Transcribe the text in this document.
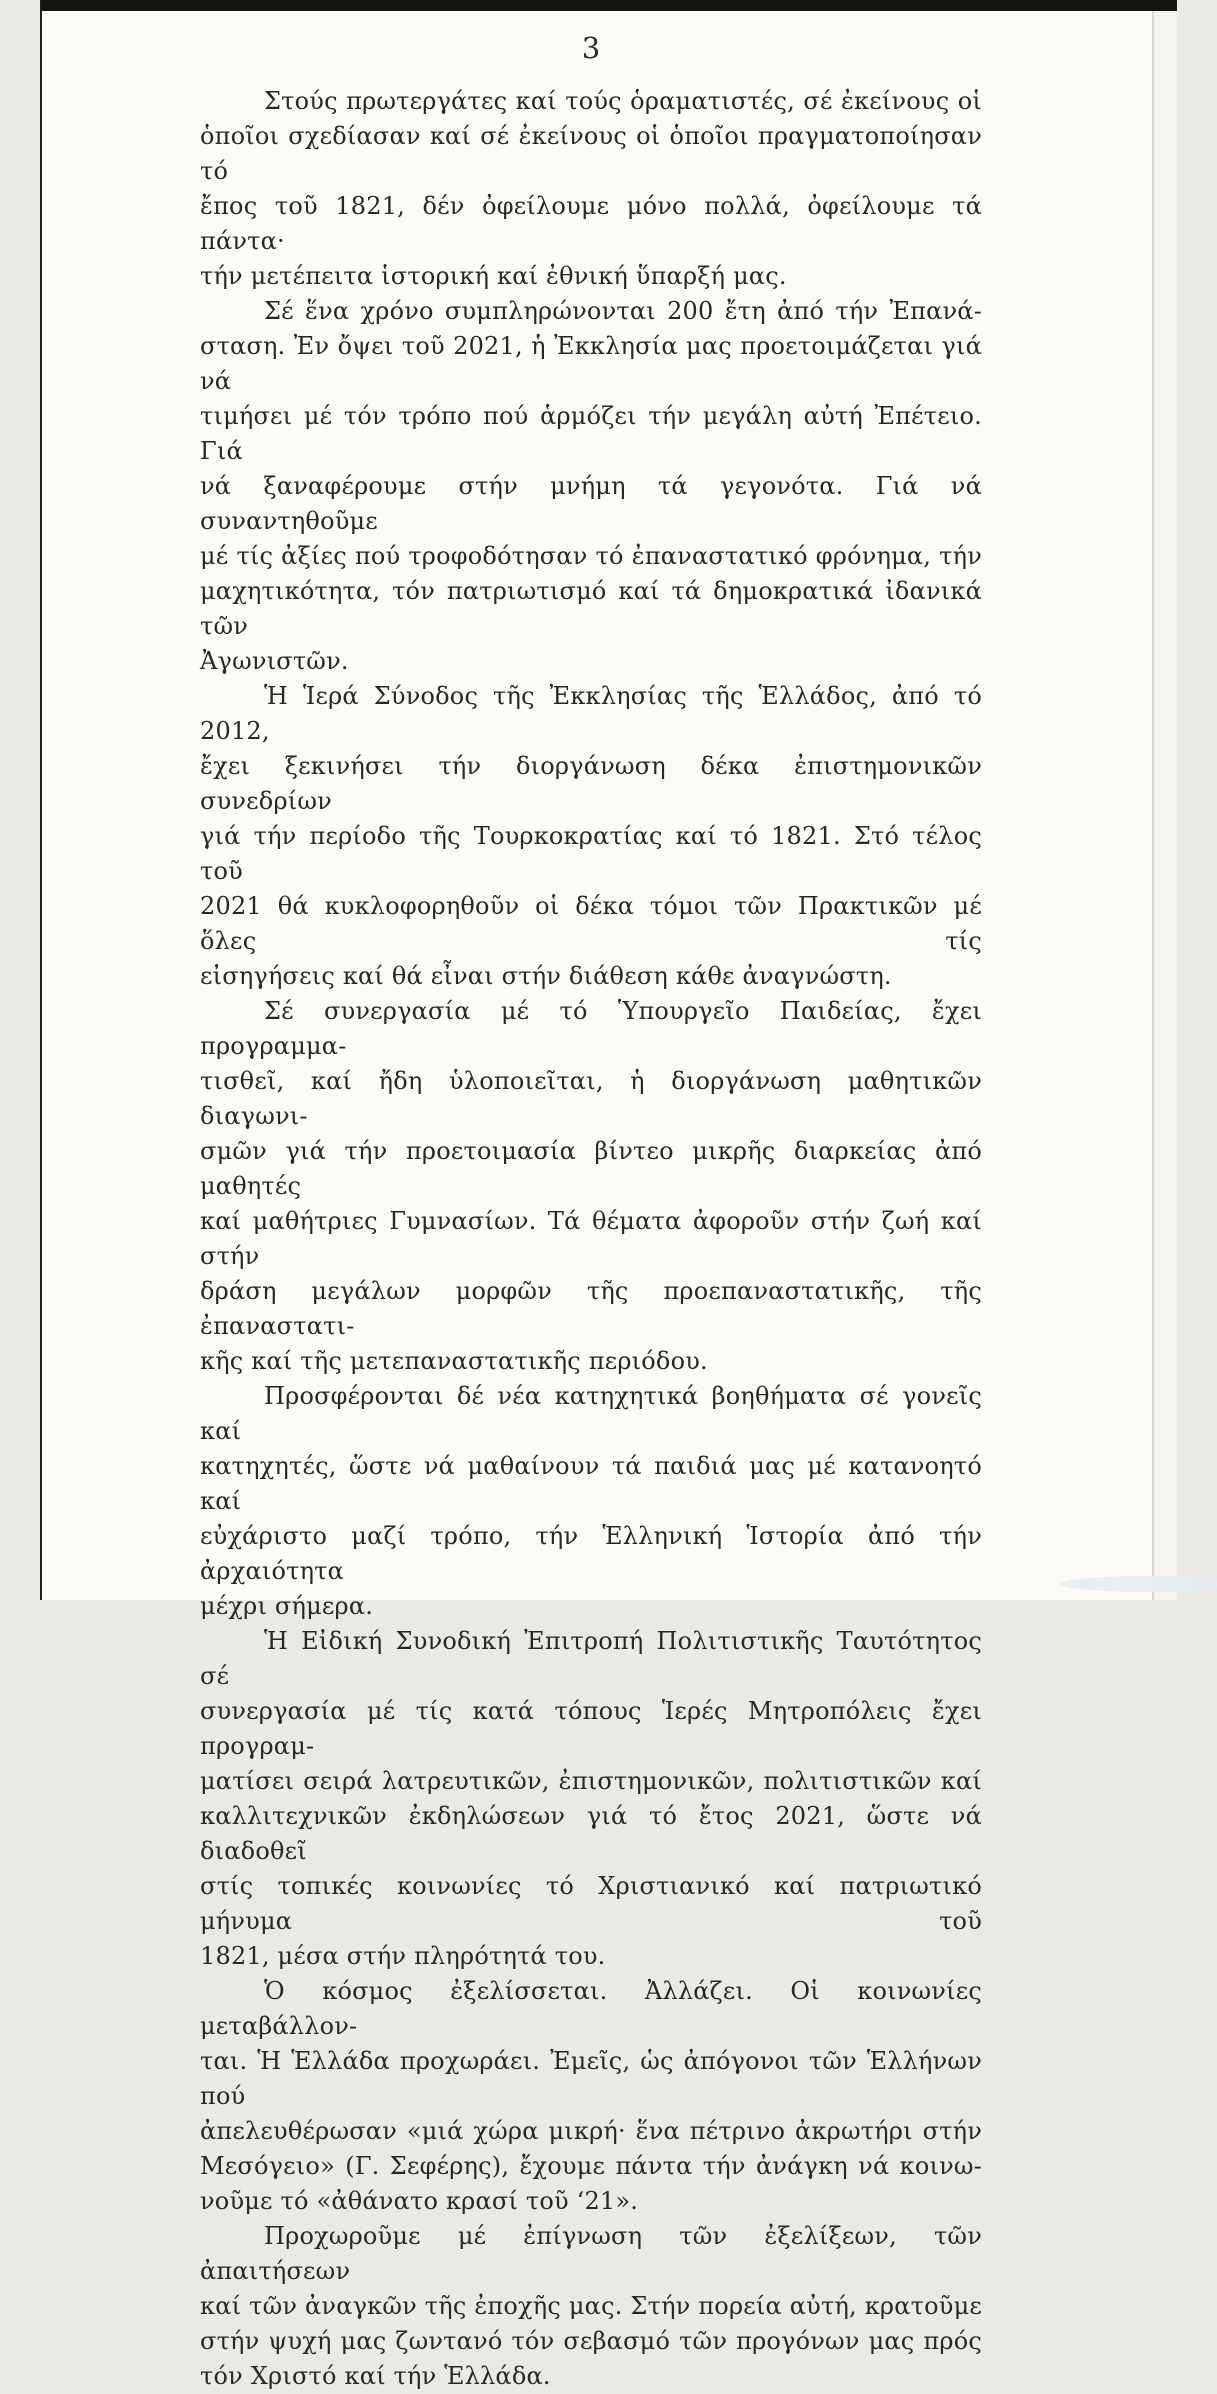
3
Στούς πρωτεργάτες καί τούς ὁραματιστές, σέ ἐκείνους οἱ
ὁποῖοι σχεδίασαν καί σέ ἐκείνους οἱ ὁποῖοι πραγματοποίησαν τό
ἔπος τοῦ 1821, δέν ὀφείλουμε μόνο πολλά, ὀφείλουμε τά πάντα·
τήν μετέπειτα ἱστορική καί ἐθνική ὕπαρξή μας.
Σέ ἕνα χρόνο συμπληρώνονται 200 ἔτη ἀπό τήν Ἐπανά-
σταση. Ἐν ὄψει τοῦ 2021, ἡ Ἐκκλησία μας προετοιμάζεται γιά νά
τιμήσει μέ τόν τρόπο πού ἁρμόζει τήν μεγάλη αὐτή Ἐπέτειο. Γιά
νά ξαναφέρουμε στήν μνήμη τά γεγονότα. Γιά νά συναντηθοῦμε
μέ τίς ἀξίες πού τροφοδότησαν τό ἐπαναστατικό φρόνημα, τήν
μαχητικότητα, τόν πατριωτισμό καί τά δημοκρατικά ἰδανικά τῶν
Ἀγωνιστῶν.
Ἡ Ἱερά Σύνοδος τῆς Ἐκκλησίας τῆς Ἑλλάδος, ἀπό τό 2012,
ἔχει ξεκινήσει τήν διοργάνωση δέκα ἐπιστημονικῶν συνεδρίων
γιά τήν περίοδο τῆς Τουρκοκρατίας καί τό 1821. Στό τέλος τοῦ
2021 θά κυκλοφορηθοῦν οἱ δέκα τόμοι τῶν Πρακτικῶν μέ ὅλες τίς
εἰσηγήσεις καί θά εἶναι στήν διάθεση κάθε ἀναγνώστη.
Σέ συνεργασία μέ τό Ὑπουργεῖο Παιδείας, ἔχει προγραμμα-
τισθεῖ, καί ἤδη ὑλοποιεῖται, ἡ διοργάνωση μαθητικῶν διαγωνι-
σμῶν γιά τήν προετοιμασία βίντεο μικρῆς διαρκείας ἀπό μαθητές
καί μαθήτριες Γυμνασίων. Τά θέματα ἀφοροῦν στήν ζωή καί στήν
δράση μεγάλων μορφῶν τῆς προεπαναστατικῆς, τῆς ἐπαναστατι-
κῆς καί τῆς μετεπαναστατικῆς περιόδου.
Προσφέρονται δέ νέα κατηχητικά βοηθήματα σέ γονεῖς καί
κατηχητές, ὥστε νά μαθαίνουν τά παιδιά μας μέ κατανοητό καί
εὐχάριστο μαζί τρόπο, τήν Ἑλληνική Ἱστορία ἀπό τήν ἀρχαιότητα
μέχρι σήμερα.
Ἡ Εἰδική Συνοδική Ἐπιτροπή Πολιτιστικῆς Ταυτότητος σέ
συνεργασία μέ τίς κατά τόπους Ἱερές Μητροπόλεις ἔχει προγραμ-
ματίσει σειρά λατρευτικῶν, ἐπιστημονικῶν, πολιτιστικῶν καί
καλλιτεχνικῶν ἐκδηλώσεων γιά τό ἔτος 2021, ὥστε νά διαδοθεῖ
στίς τοπικές κοινωνίες τό Χριστιανικό καί πατριωτικό μήνυμα τοῦ
1821, μέσα στήν πληρότητά του.
Ὁ κόσμος ἐξελίσσεται. Ἀλλάζει. Οἱ κοινωνίες μεταβάλλον-
ται. Ἡ Ἑλλάδα προχωράει. Ἐμεῖς, ὡς ἀπόγονοι τῶν Ἑλλήνων πού
ἀπελευθέρωσαν «μιά χώρα μικρή· ἕνα πέτρινο ἀκρωτήρι στήν
Μεσόγειο» (Γ. Σεφέρης), ἔχουμε πάντα τήν ἀνάγκη νά κοινω-
νοῦμε τό «ἀθάνατο κρασί τοῦ ‘21».
Προχωροῦμε μέ ἐπίγνωση τῶν ἐξελίξεων, τῶν ἀπαιτήσεων
καί τῶν ἀναγκῶν τῆς ἐποχῆς μας. Στήν πορεία αὐτή, κρατοῦμε
στήν ψυχή μας ζωντανό τόν σεβασμό τῶν προγόνων μας πρός
τόν Χριστό καί τήν Ἑλλάδα.
